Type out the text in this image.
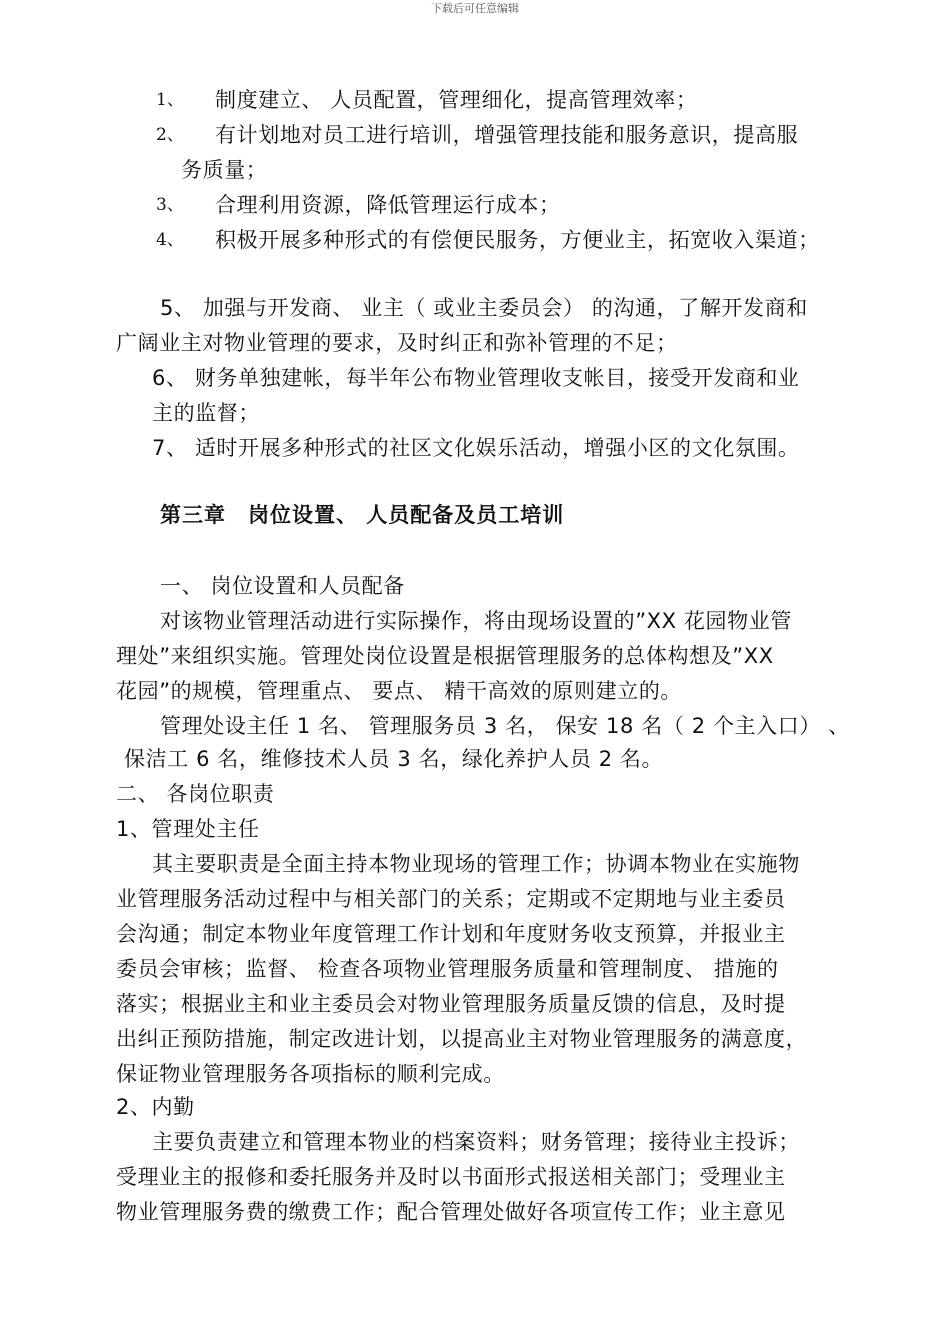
下载后可任意编辑
1、 制度建立、 人员配置，管理细化，提高管理效率；
2、 有计划地对员工进行培训，增强管理技能和服务意识，提高服
务质量；
3、 合理利用资源，降低管理运行成本；
4、 积极开展多种形式的有偿便民服务，方便业主，拓宽收入渠道；
5、 加强与开发商、 业主（ 或业主委员会） 的沟通，了解开发商和
广阔业主对物业管理的要求，及时纠正和弥补管理的不足；
6、 财务单独建帐，每半年公布物业管理收支帐目，接受开发商和业
主的监督；
7、 适时开展多种形式的社区文化娱乐活动，增强小区的文化氛围。
第三章　岗位设置、 人员配备及员工培训
一、 岗位设置和人员配备
对该物业管理活动进行实际操作，将由现场设置的”XX 花园物业管
理处”来组织实施。管理处岗位设置是根据管理服务的总体构想及”XX
花园”的规模，管理重点、 要点、 精干高效的原则建立的。
管理处设主任 1 名、 管理服务员 3 名， 保安 18 名（ 2 个主入口） 、
保洁工 6 名，维修技术人员 3 名，绿化养护人员 2 名。
二、 各岗位职责
1、管理处主任
其主要职责是全面主持本物业现场的管理工作；协调本物业在实施物
业管理服务活动过程中与相关部门的关系；定期或不定期地与业主委员
会沟通；制定本物业年度管理工作计划和年度财务收支预算，并报业主
委员会审核；监督、 检查各项物业管理服务质量和管理制度、 措施的
落实；根据业主和业主委员会对物业管理服务质量反馈的信息，及时提
出纠正预防措施，制定改进计划，以提高业主对物业管理服务的满意度，
保证物业管理服务各项指标的顺利完成。
2、内勤
主要负责建立和管理本物业的档案资料；财务管理；接待业主投诉；
受理业主的报修和委托服务并及时以书面形式报送相关部门；受理业主
物业管理服务费的缴费工作；配合管理处做好各项宣传工作；业主意见
